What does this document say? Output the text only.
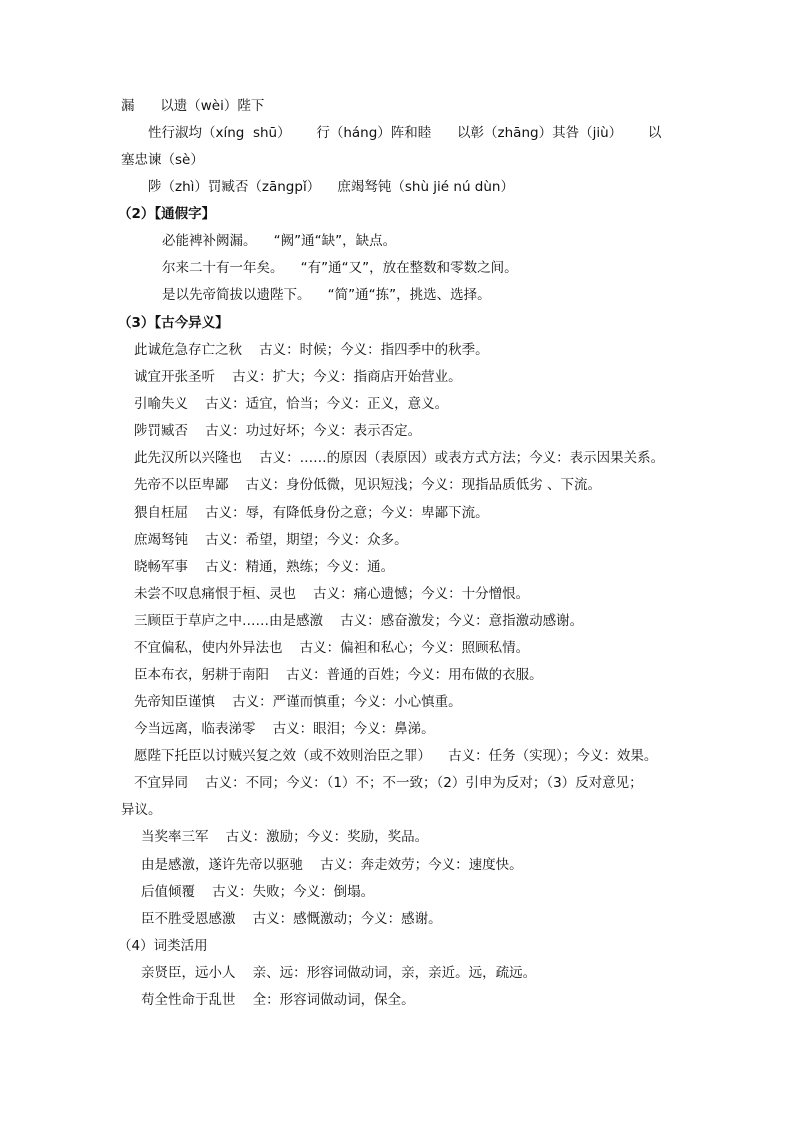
漏      以遗（wèi）陛下
性行淑均（xíng  shū）      行（háng）阵和睦      以彰（zhāng）其咎（jiù）      以
塞忠谏（sè）
陟（zhì）罚臧否（zāngpǐ）    庶竭驽钝（shù jié nú dùn）
（2）【通假字】
必能裨补阙漏。    “阙”通“缺”，缺点。
尔来二十有一年矣。    “有”通“又”，放在整数和零数之间。
是以先帝简拔以遗陛下。    “简”通“拣”，挑选、选择。
（3）【古今异义】
此诚危急存亡之秋    古义：时候；今义：指四季中的秋季。
诚宜开张圣听    古义：扩大；今义：指商店开始营业。
引喻失义    古义：适宜，恰当；今义：正义，意义。
陟罚臧否    古义：功过好坏；今义：表示否定。
此先汉所以兴隆也    古义：……的原因（表原因）或表方式方法；今义：表示因果关系。
先帝不以臣卑鄙    古义：身份低微，见识短浅；今义：现指品质低劣 、下流。
猥自枉屈    古义：辱，有降低身份之意；今义：卑鄙下流。
庶竭驽钝    古义：希望，期望；今义：众多。
晓畅军事    古义：精通，熟练；今义：通。
未尝不叹息痛恨于桓、灵也    古义：痛心遗憾；今义：十分憎恨。
三顾臣于草庐之中……由是感激    古义：感奋激发；今义：意指激动感谢。
不宜偏私，使内外异法也    古义：偏袒和私心；今义：照顾私情。
臣本布衣，躬耕于南阳    古义：普通的百姓；今义：用布做的衣服。
先帝知臣谨慎    古义：严谨而慎重；今义：小心慎重。
今当远离，临表涕零    古义：眼泪；今义：鼻涕。
愿陛下托臣以讨贼兴复之效（或不效则治臣之罪）    古义：任务（实现）；今义：效果。
不宜异同    古义：不同；今义：（1）不；不一致；（2）引申为反对；（3）反对意见；
异议。
当奖率三军    古义：激励；今义：奖励，奖品。
由是感激，遂许先帝以驱驰    古义：奔走效劳；今义：速度快。
后值倾覆    古义：失败；今义：倒塌。
臣不胜受恩感激    古义：感慨激动；今义：感谢。
（4）词类活用
亲贤臣，远小人    亲、远：形容词做动词，亲，亲近。远，疏远。
苟全性命于乱世    全：形容词做动词，保全。
